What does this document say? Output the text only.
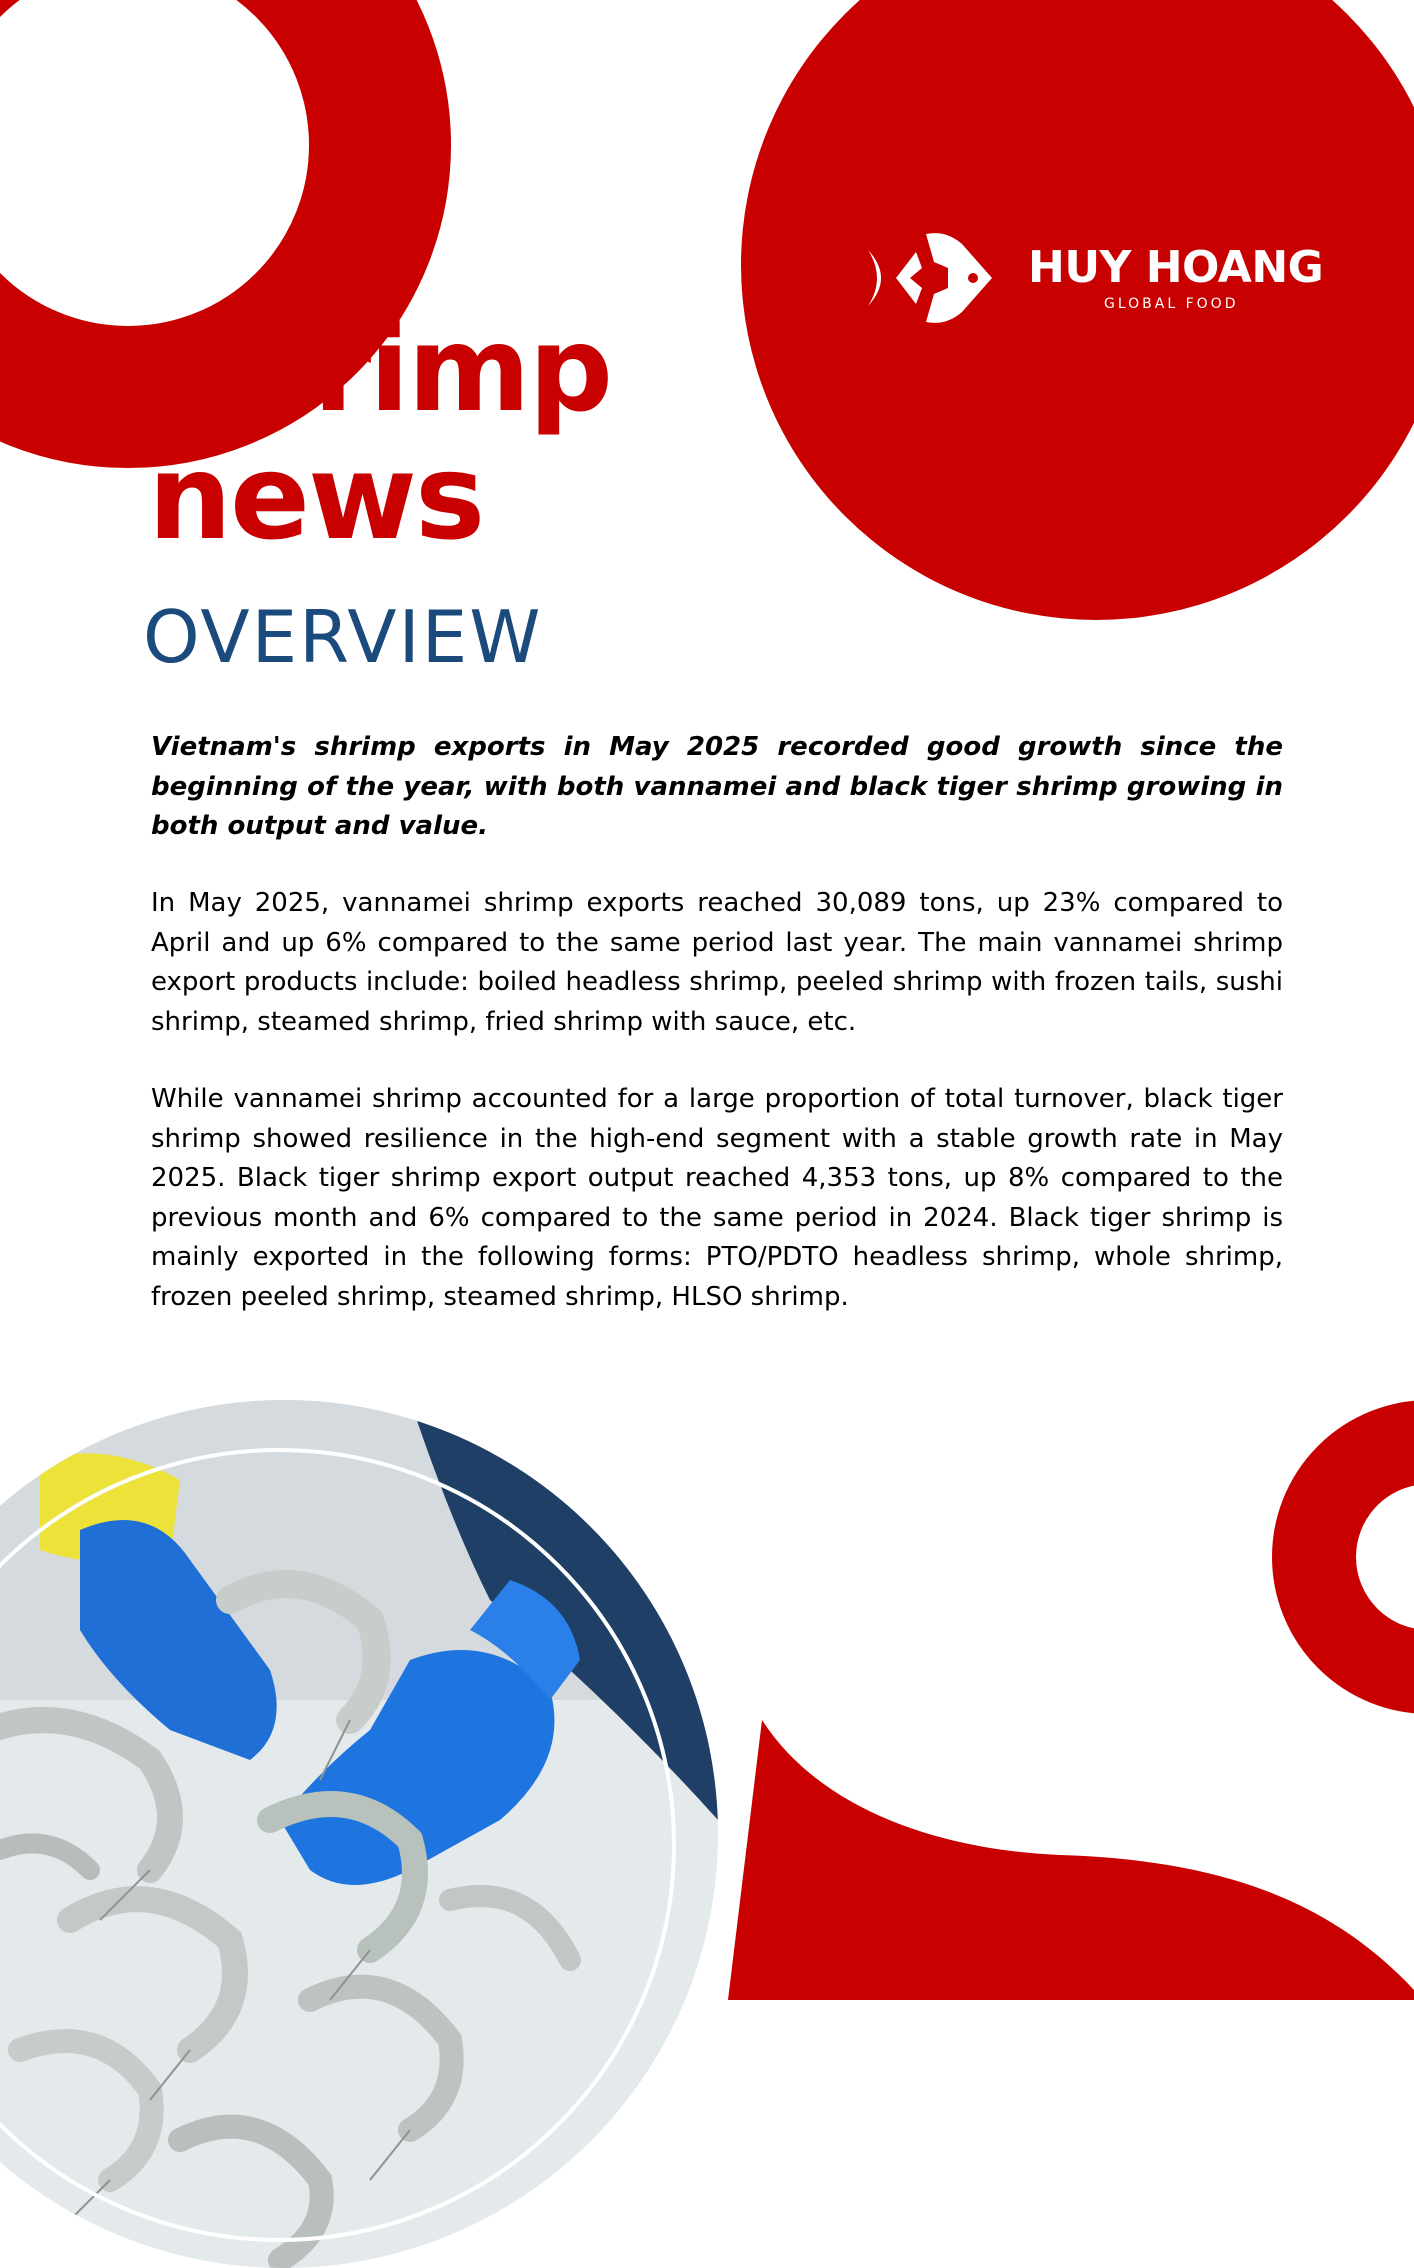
HUY HOANG
GLOBAL FOOD
Shrimp news
OVERVIEW

Vietnam's shrimp exports in May 2025 recorded good growth since the beginning of the year, with both vannamei and black tiger shrimp growing in both output and value.

In May 2025, vannamei shrimp exports reached 30,089 tons, up 23% compared to April and up 6% compared to the same period last year. The main vannamei shrimp export products include: boiled headless shrimp, peeled shrimp with frozen tails, sushi shrimp, steamed shrimp, fried shrimp with sauce, etc.

While vannamei shrimp accounted for a large proportion of total turnover, black tiger shrimp showed resilience in the high-end segment with a stable growth rate in May 2025. Black tiger shrimp export output reached 4,353 tons, up 8% compared to the previous month and 6% compared to the same period in 2024. Black tiger shrimp is mainly exported in the following forms: PTO/PDTO headless shrimp, whole shrimp, frozen peeled shrimp, steamed shrimp, HLSO shrimp.
